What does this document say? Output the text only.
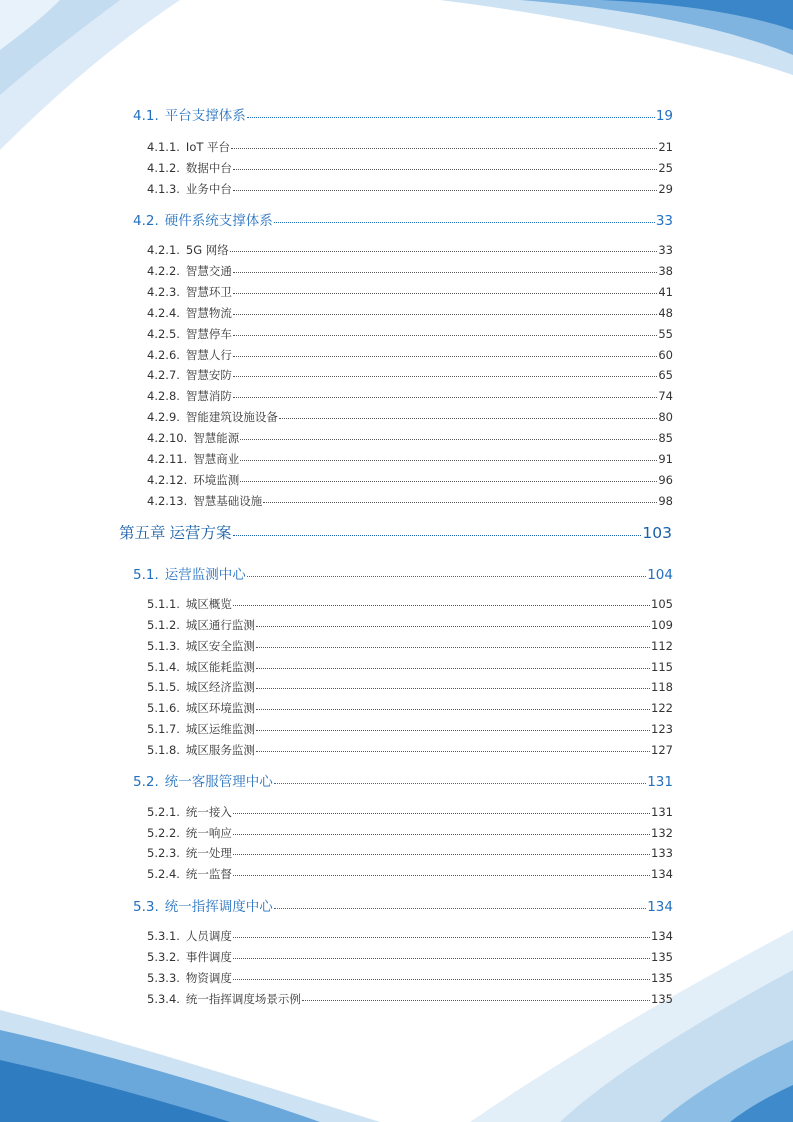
4.1. 平台支撑体系	19
4.1.1. IoT 平台	21
4.1.2. 数据中台	25
4.1.3. 业务中台	29
4.2. 硬件系统支撑体系	33
4.2.1. 5G 网络	33
4.2.2. 智慧交通	38
4.2.3. 智慧环卫	41
4.2.4. 智慧物流	48
4.2.5. 智慧停车	55
4.2.6. 智慧人行	60
4.2.7. 智慧安防	65
4.2.8. 智慧消防	74
4.2.9. 智能建筑设施设备	80
4.2.10. 智慧能源	85
4.2.11. 智慧商业	91
4.2.12. 环境监测	96
4.2.13. 智慧基础设施	98
第五章 运营方案	103
5.1. 运营监测中心	104
5.1.1. 城区概览	105
5.1.2. 城区通行监测	109
5.1.3. 城区安全监测	112
5.1.4. 城区能耗监测	115
5.1.5. 城区经济监测	118
5.1.6. 城区环境监测	122
5.1.7. 城区运维监测	123
5.1.8. 城区服务监测	127
5.2. 统一客服管理中心	131
5.2.1. 统一接入	131
5.2.2. 统一响应	132
5.2.3. 统一处理	133
5.2.4. 统一监督	134
5.3. 统一指挥调度中心	134
5.3.1. 人员调度	134
5.3.2. 事件调度	135
5.3.3. 物资调度	135
5.3.4. 统一指挥调度场景示例	135
